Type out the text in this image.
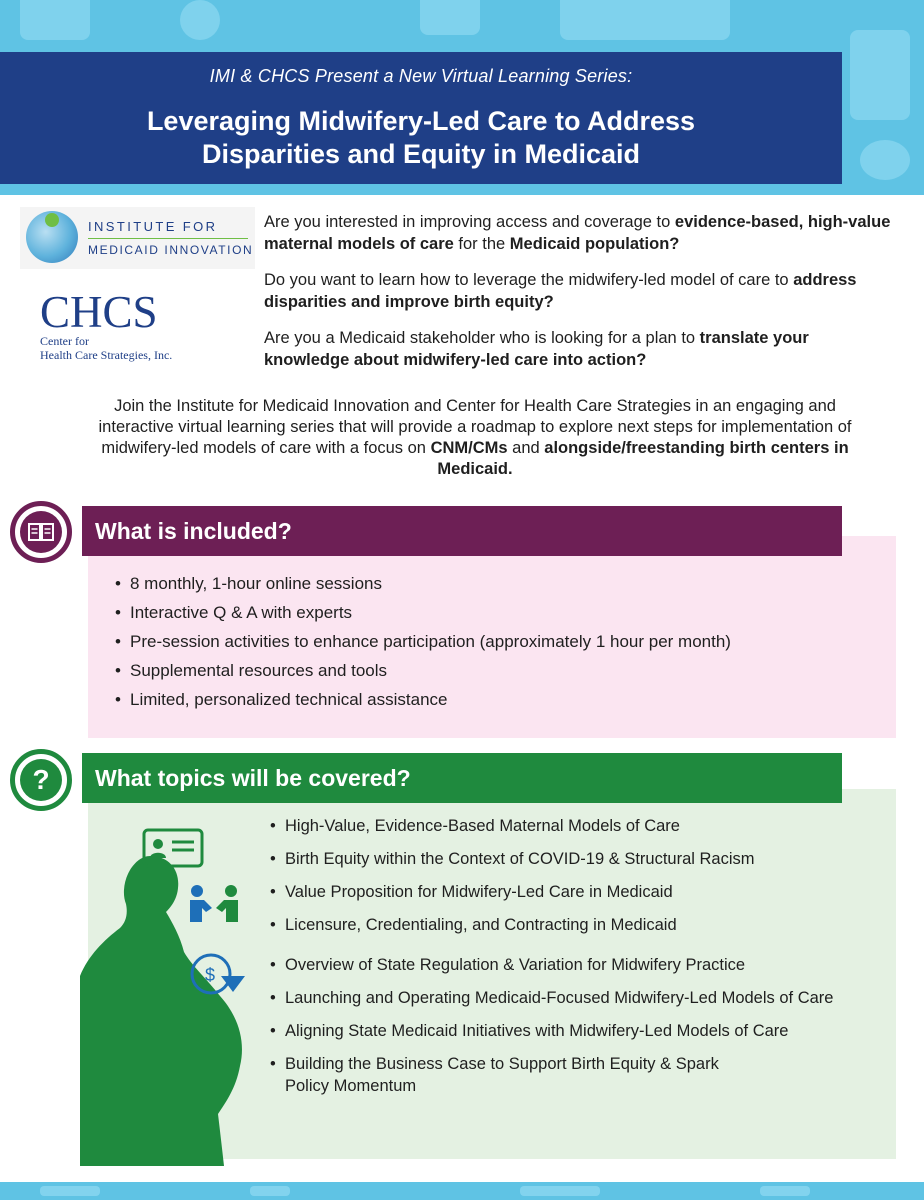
IMI & CHCS Present a New Virtual Learning Series:
Leveraging Midwifery-Led Care to Address
Disparities and Equity in Medicaid
INSTITUTE FOR
MEDICAID INNOVATION
CHCS
Center for
Health Care Strategies, Inc.

Are you interested in improving access and coverage to evidence-based, high-value maternal models of care for the Medicaid population?

Do you want to learn how to leverage the midwifery-led model of care to address disparities and improve birth equity?

Are you a Medicaid stakeholder who is looking for a plan to translate your knowledge about midwifery-led care into action?

Join the Institute for Medicaid Innovation and Center for Health Care Strategies in an engaging and interactive virtual learning series that will provide a roadmap to explore next steps for implementation of midwifery-led models of care with a focus on CNM/CMs and alongside/freestanding birth centers in Medicaid.
What is included?
• 8 monthly, 1-hour online sessions
• Interactive Q & A with experts
• Pre-session activities to enhance participation (approximately 1 hour per month)
• Supplemental resources and tools
• Limited, personalized technical assistance
What topics will be covered?
?
$
• High-Value, Evidence-Based Maternal Models of Care
• Birth Equity within the Context of COVID-19 & Structural Racism
• Value Proposition for Midwifery-Led Care in Medicaid
• Licensure, Credentialing, and Contracting in Medicaid
• Overview of State Regulation & Variation for Midwifery Practice
• Launching and Operating Medicaid-Focused Midwifery-Led Models of Care
• Aligning State Medicaid Initiatives with Midwifery-Led Models of Care
• Building the Business Case to Support Birth Equity & Spark Policy Momentum
